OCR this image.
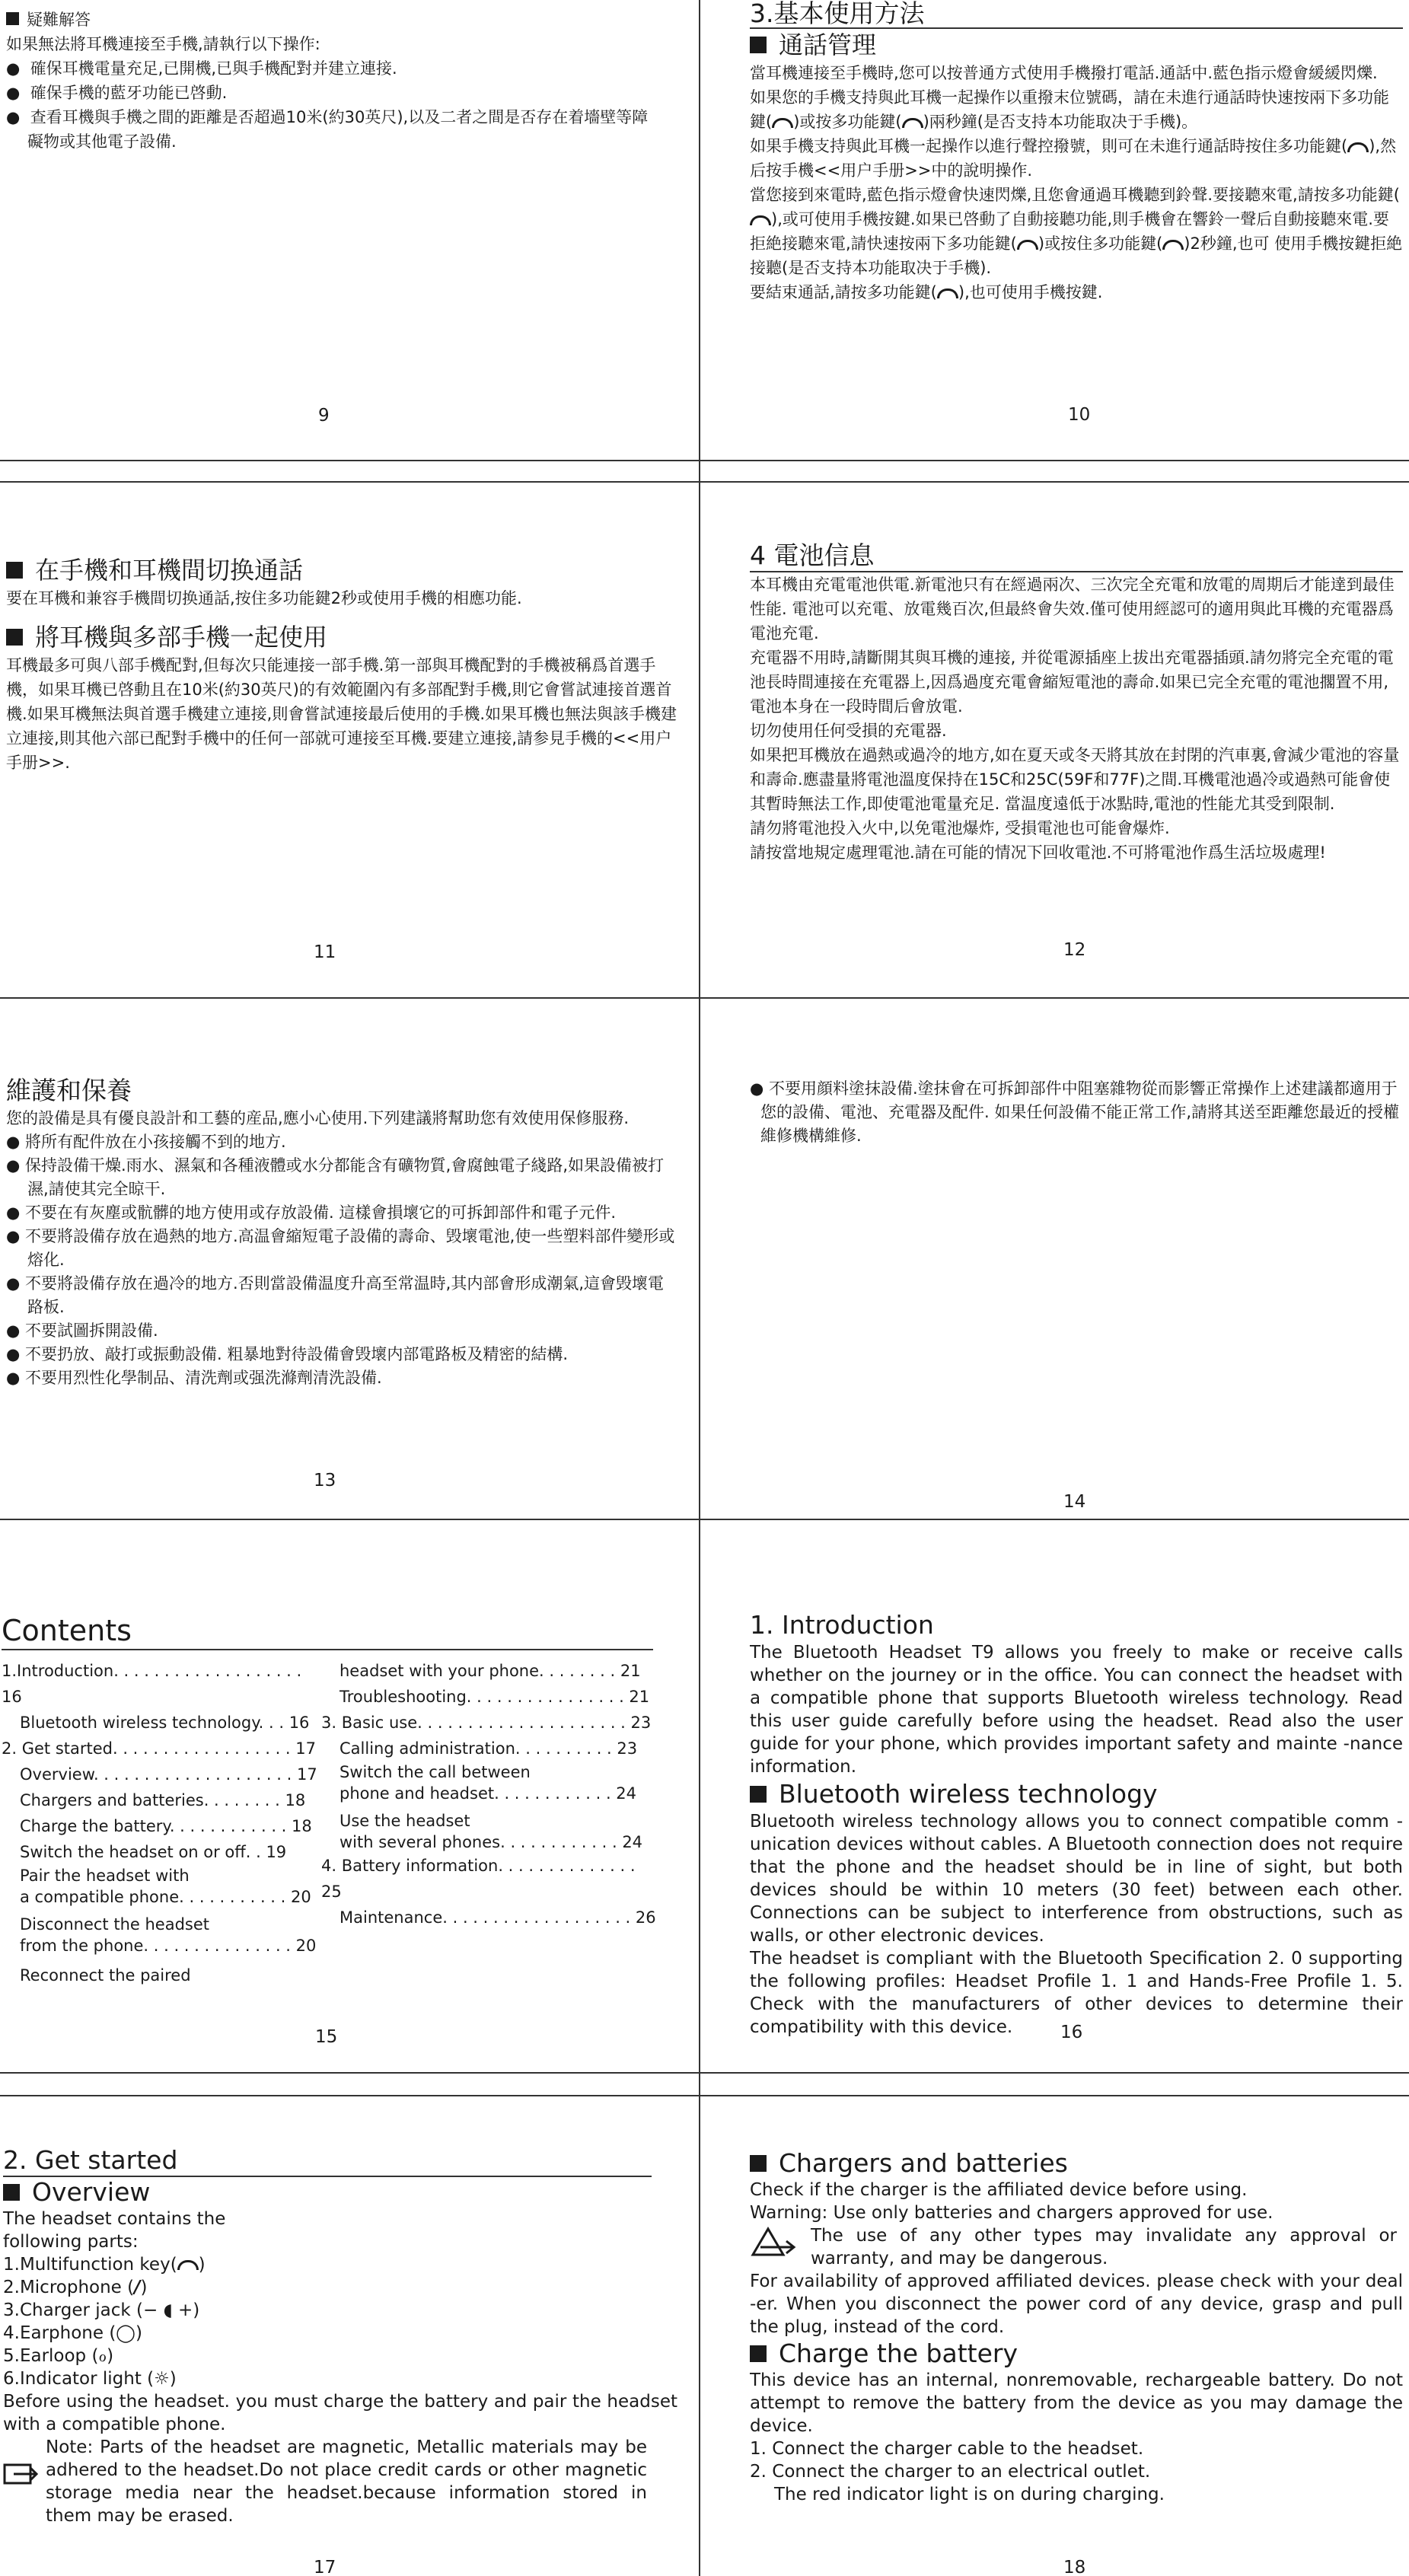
疑難解答

如果無法將耳機連接至手機,請執行以下操作:

●  確保耳機電量充足,已開機,已與手機配對并建立連接.

●  確保手機的藍牙功能已啓動.

●  查看耳機與手機之間的距離是否超過10米(約30英尺),以及二者之間是否存在着墻壁等障礙物或其他電子設備.

9

3.基本使用方法

通話管理

當耳機連接至手機時,您可以按普通方式使用手機撥打電話.通話中.藍色指示燈會緩緩閃爍.

如果您的手機支持與此耳機一起操作以重撥末位號碼，請在未進行通話時快速按兩下多功能鍵( )或按多功能鍵( )兩秒鐘(是否支持本功能取决于手機)。

如果手機支持與此耳機一起操作以進行聲控撥號，則可在未進行通話時按住多功能鍵( ),然后按手機<<用户手册>>中的說明操作.

當您接到來電時,藍色指示燈會快速閃爍,且您會通過耳機聽到鈴聲.要接聽來電,請按多功能鍵(),或可使用手機按鍵.如果已啓動了自動接聽功能,則手機會在響鈴一聲后自動接聽來電.要拒絶接聽來電,請快速按兩下多功能鍵( )或按住多功能鍵( )2秒鐘,也可 使用手機按鍵拒絶接聽(是否支持本功能取决于手機).

要結束通話,請按多功能鍵( ),也可使用手機按鍵.

10

在手機和耳機間切换通話

要在耳機和兼容手機間切换通話,按住多功能鍵2秒或使用手機的相應功能.

將耳機與多部手機一起使用

耳機最多可與八部手機配對,但每次只能連接一部手機.第一部與耳機配對的手機被稱爲首選手機，如果耳機已啓動且在10米(約30英尺)的有效範圍內有多部配對手機,則它會嘗試連接首選首機.如果耳機無法與首選手機建立連接,則會嘗試連接最后使用的手機.如果耳機也無法與該手機建立連接,則其他六部已配對手機中的任何一部就可連接至耳機.要建立連接,請参見手機的<<用户手册>>.

11

4 電池信息

本耳機由充電電池供電.新電池只有在經過兩次、三次完全充電和放電的周期后才能達到最佳性能. 電池可以充電、放電幾百次,但最終會失效.僅可使用經認可的適用與此耳機的充電器爲電池充電.

充電器不用時,請斷開其與耳機的連接, 并從電源插座上拔出充電器插頭.請勿將完全充電的電池長時間連接在充電器上,因爲過度充電會縮短電池的壽命.如果已完全充電的電池擱置不用,電池本身在一段時間后會放電.

切勿使用任何受損的充電器.

如果把耳機放在過熱或過冷的地方,如在夏天或冬天將其放在封閉的汽車裏,會減少電池的容量和壽命.應盡量將電池溫度保持在15C和25C(59F和77F)之間.耳機電池過冷或過熱可能會使其暫時無法工作,即使電池電量充足. 當温度遠低于冰點時,電池的性能尤其受到限制.

請勿將電池投入火中,以免電池爆炸, 受損電池也可能會爆炸.

請按當地規定處理電池.請在可能的情况下回收電池.不可將電池作爲生活垃圾處理!

12

維護和保養

您的設備是具有優良設計和工藝的産品,應小心使用.下列建議將幫助您有效使用保修服務.

● 將所有配件放在小孩接觸不到的地方.

● 保持設備干燥.雨水、濕氣和各種液體或水分都能含有礦物質,會腐蝕電子綫路,如果設備被打濕,請使其完全晾干.

● 不要在有灰塵或骯髒的地方使用或存放設備. 這樣會損壞它的可拆卸部件和電子元件.

● 不要將設備存放在過熱的地方.高温會縮短電子設備的壽命、毁壞電池,使一些塑料部件變形或熔化.

● 不要將設備存放在過冷的地方.否則當設備温度升高至常温時,其内部會形成潮氣,這會毁壞電路板.

● 不要試圖拆開設備.

● 不要扔放、敲打或振動設備. 粗暴地對待設備會毁壞内部電路板及精密的結構.

● 不要用烈性化學制品、清洗劑或强洗滌劑清洗設備.

13

● 不要用顔料塗抹設備.塗抹會在可拆卸部件中阻塞雜物從而影響正常操作上述建議都適用于您的設備、電池、充電器及配件. 如果任何設備不能正常工作,請將其送至距離您最近的授權維修機構維修.

14

Contents

1.Introduction. . . . . . . . . . . . . . . . . . . 16

Bluetooth wireless technology. . . 16

2. Get started. . . . . . . . . . . . . . . . . . 17

Overview. . . . . . . . . . . . . . . . . . . . 17

Chargers and batteries. . . . . . . . 18

Charge the battery. . . . . . . . . . . . 18

Switch the headset on or off. . 19

Pair the headset with

a compatible phone. . . . . . . . . . . 20

Disconnect the headset

from the phone. . . . . . . . . . . . . . . 20

Reconnect the paired

headset with your phone. . . . . . . . 21

Troubleshooting. . . . . . . . . . . . . . . . 21

3. Basic use. . . . . . . . . . . . . . . . . . . . . 23

Calling administration. . . . . . . . . . 23

Switch the call between

phone and headset. . . . . . . . . . . . 24

Use the headset

with several phones. . . . . . . . . . . . 24

4. Battery information. . . . . . . . . . . . . . 25

Maintenance. . . . . . . . . . . . . . . . . . . 26

15

1. Introduction

The Bluetooth Headset T9 allows you freely to make or receive calls whether on the journey or in the office. You can connect the headset with a compatible phone that supports Bluetooth wireless technology. Read this user guide carefully before using the headset. Read also the user guide for your phone, which provides important safety and mainte -nance information.

Bluetooth wireless technology

Bluetooth wireless technology allows you to connect compatible comm -unication devices without cables. A Bluetooth connection does not require that the phone and the headset should be in line of sight, but both devices should be within 10 meters (30 feet) between each other. Connections can be subject to interference from obstructions, such as walls, or other electronic devices.

The headset is compliant with the Bluetooth Specification 2. 0 supporting the following profiles: Headset Profile 1. 1 and Hands-Free Profile 1. 5. Check with the manufacturers of other devices to determine their compatibility with this device.	16

2. Get started

Overview

The headset contains the

following parts:

1.Multifunction key( )

2.Microphone (/)

3.Charger jack (− ◖ +)

4.Earphone (◯)

5.Earloop (ℴ)

6.Indicator light (☼)

Before using the headset. you must charge the battery and pair the headset with a compatible phone.

Note: Parts of the headset are magnetic, Metallic materials may be adhered to the headset.Do not place credit cards or other magnetic storage media near the headset.because information stored in them may be erased.

17

Chargers and batteries

Check if the charger is the affiliated device before using.

Warning: Use only batteries and chargers approved for use.

The use of any other types may invalidate any approval or warranty, and may be dangerous.

For availability of approved affiliated devices. please check with your deal -er. When you disconnect the power cord of any device, grasp and pull the plug, instead of the cord.

Charge the battery

This device has an internal, nonremovable, rechargeable battery. Do not attempt to remove the battery from the device as you may damage the device.

1. Connect the charger cable to the headset.

2. Connect the charger to an electrical outlet.

The red indicator light is on during charging.

18
